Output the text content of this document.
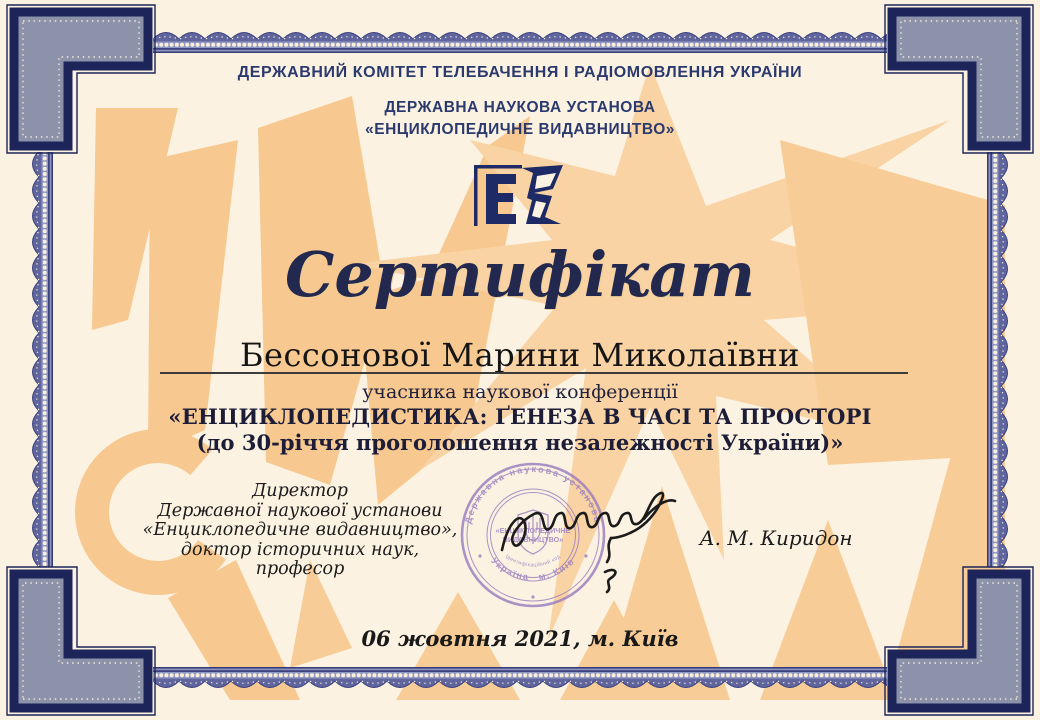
ДЕРЖАВНИЙ КОМІТЕТ ТЕЛЕБАЧЕННЯ І РАДІОМОВЛЕННЯ УКРАЇНИ
ДЕРЖАВНА НАУКОВА УСТАНОВА
«ЕНЦИКЛОПЕДИЧНЕ ВИДАВНИЦТВО»
Сертифікат
Бессонової Марини Миколаївни
учасника наукової конференції
«ЕНЦИКЛОПЕДИСТИКА: ҐЕНЕЗА В ЧАСІ ТА ПРОСТОРІ
(до 30-річчя проголошення незалежності України)»
Директор
Державної наукової установи
«Енциклопедичне видавництво»,
доктор історичних наук,
професор
Державна наукова установа
Україна м. Київ
Ідентифікаційний код
«ЕНЦИКЛОПЕДИЧНЕ
ВИДАВНИЦТВО»	А. М. Киридон
06 жовтня 2021, м. Київ
